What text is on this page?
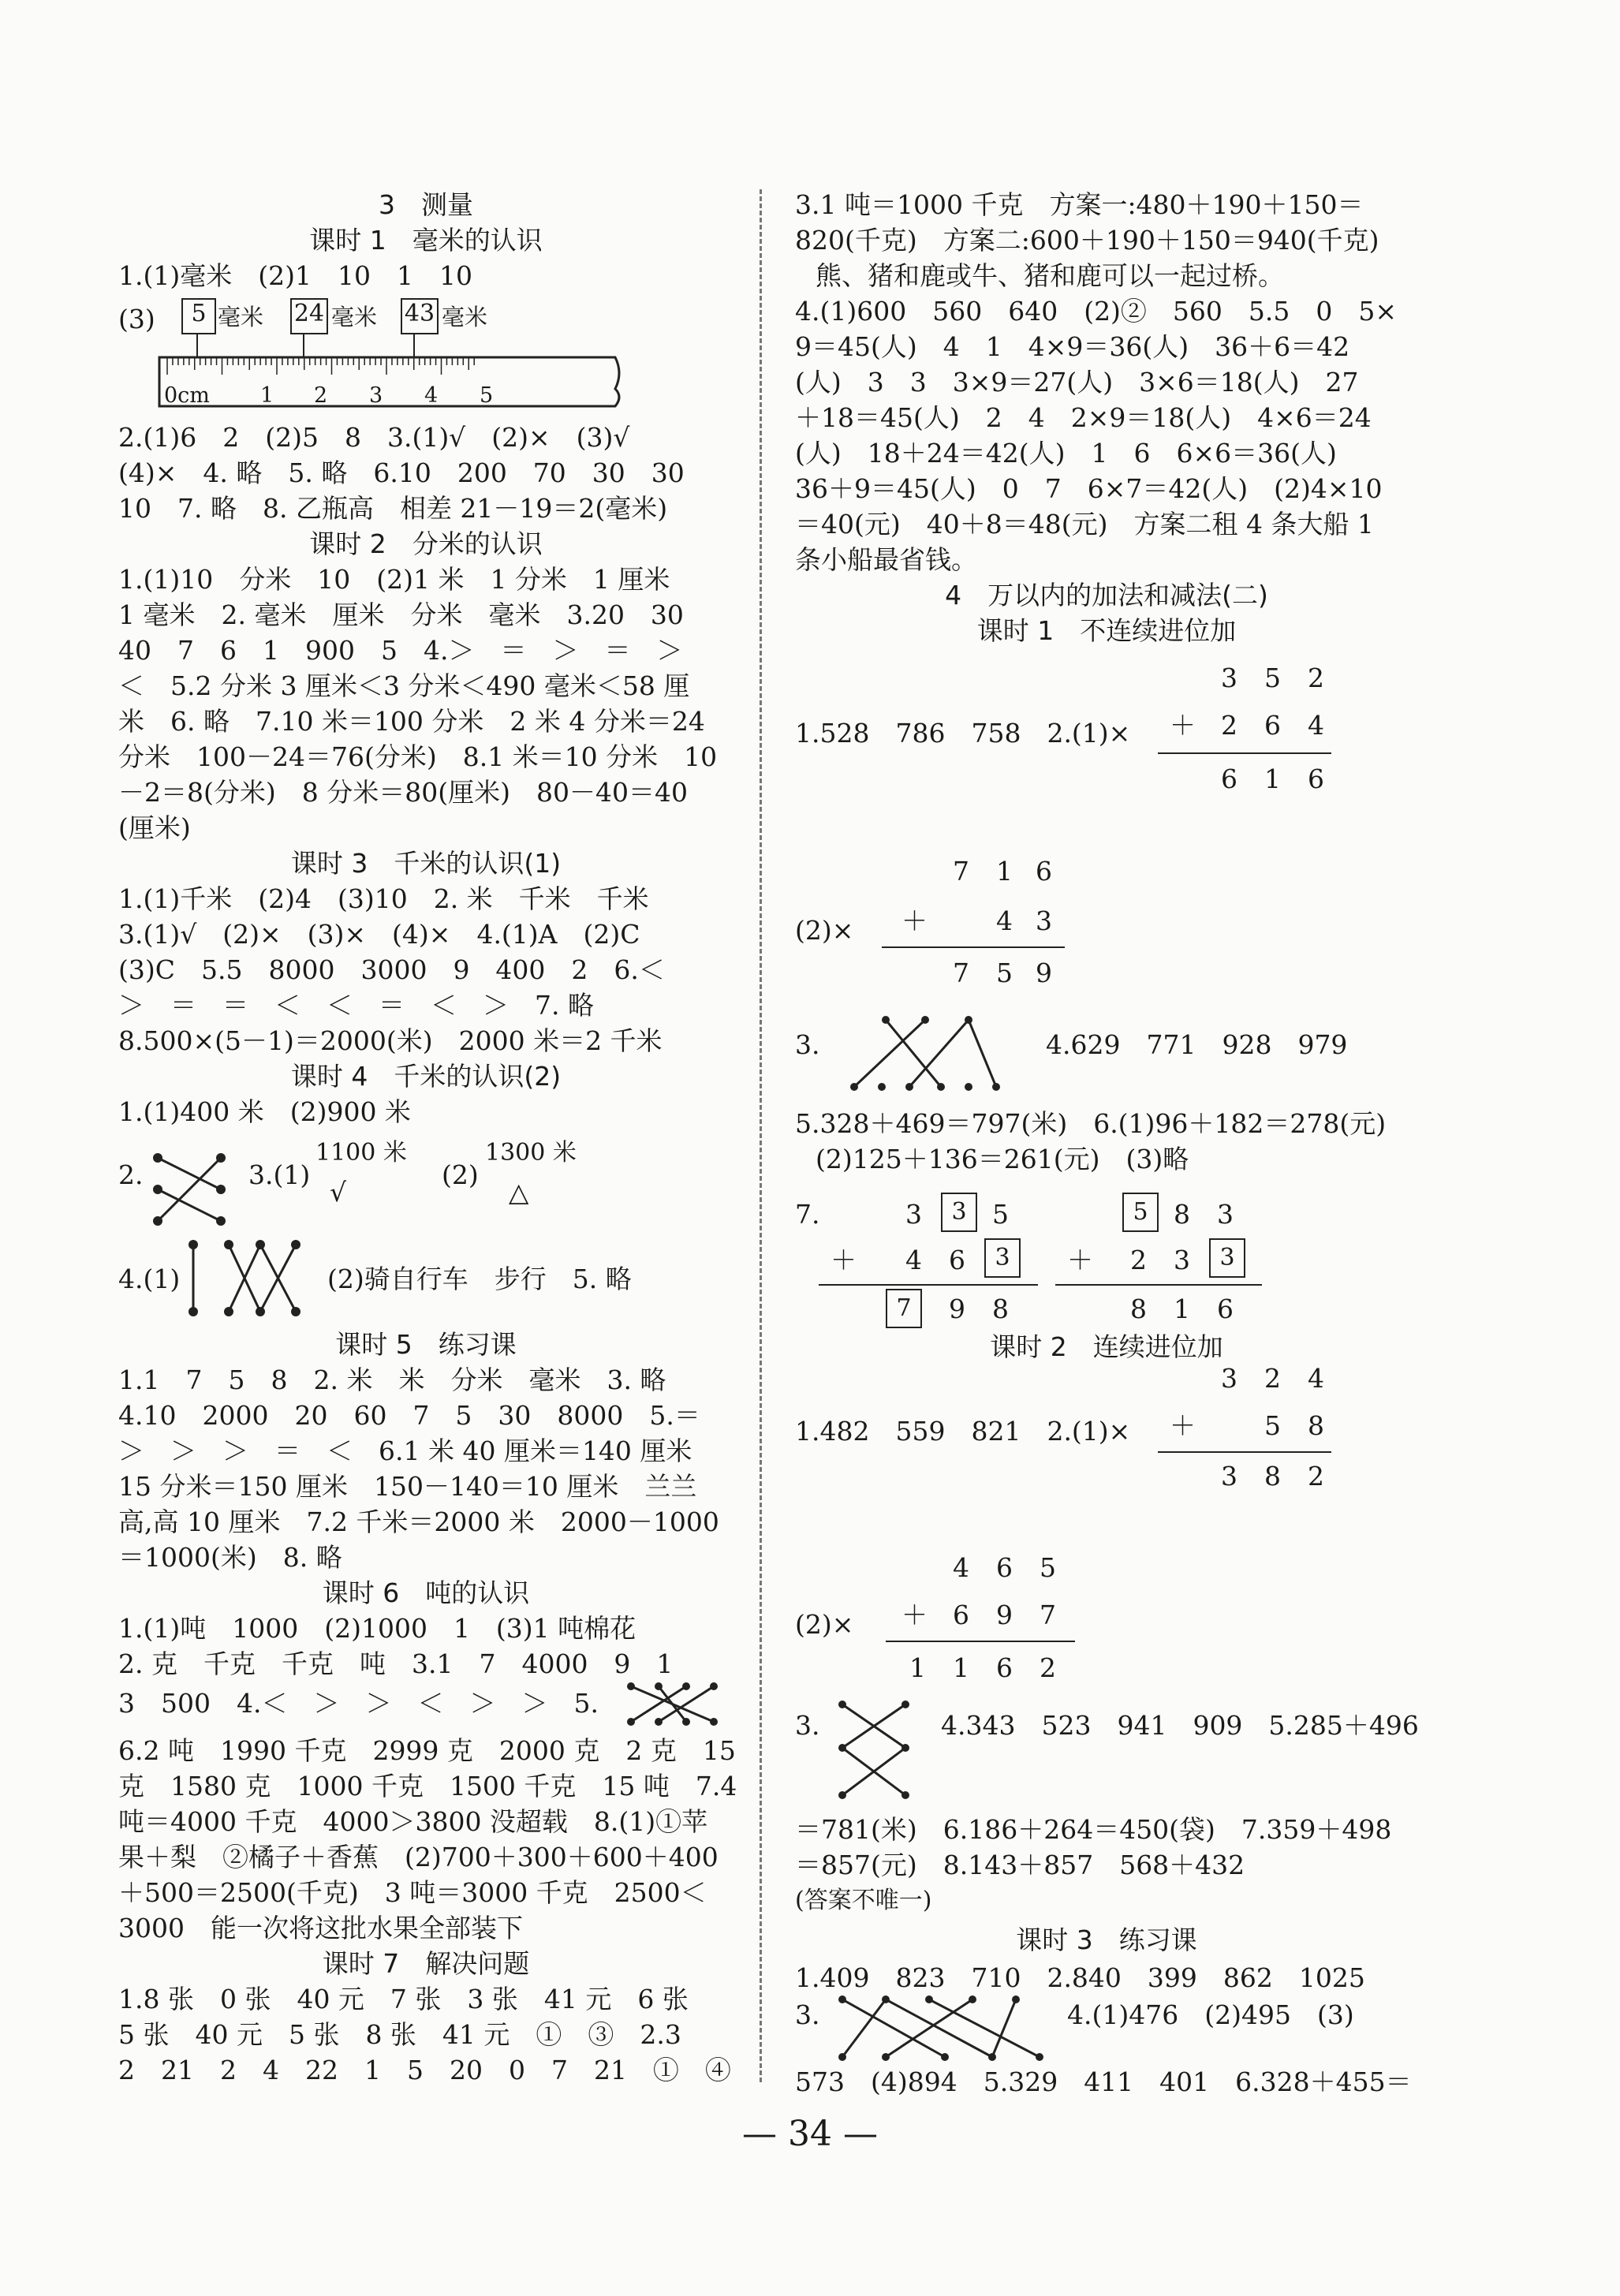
3　测量
课时 1　毫米的认识
1.(1)毫米　(2)1　10　1　10
(3)	5 毫米 24 毫米 43 毫米
0cm 1 2 3 4 5
2.(1)6　2　(2)5　8　3.(1)√　(2)×　(3)√
(4)×　4. 略　5. 略　6.10　200　70　30　30
10　7. 略　8. 乙瓶高　相差 21－19＝2(毫米)
课时 2　分米的认识
1.(1)10　分米　10　(2)1 米　1 分米　1 厘米
1 毫米　2. 毫米　厘米　分米　毫米　3.20　30
40　7　6　1　900　5　4.＞　＝　＞　＝　＞
＜　5.2 分米 3 厘米＜3 分米＜490 毫米＜58 厘
米　6. 略　7.10 米＝100 分米　2 米 4 分米＝24
分米　100－24＝76(分米)　8.1 米＝10 分米　10
－2＝8(分米)　8 分米＝80(厘米)　80－40＝40
(厘米)
课时 3　千米的认识(1)
1.(1)千米　(2)4　(3)10　2. 米　千米　千米
3.(1)√　(2)×　(3)×　(4)×　4.(1)A　(2)C
(3)C　5.5　8000　3000　9　400　2　6.＜
＞　＝　＝　＜　＜　＝　＜　＞　7. 略
8.500×(5－1)＝2000(米)　2000 米＝2 千米
课时 4　千米的认识(2)
1.(1)400 米　(2)900 米
2.	3.(1)
1100 米
√
(2)
1300 米
△
4.(1)	(2)骑自行车　步行　5. 略
课时 5　练习课
1.1　7　5　8　2. 米　米　分米　毫米　3. 略
4.10　2000　20　60　7　5　30　8000　5.＝
＞　＞　＞　＝　＜　6.1 米 40 厘米＝140 厘米
15 分米＝150 厘米　150－140＝10 厘米　兰兰
高,高 10 厘米　7.2 千米＝2000 米　2000－1000
＝1000(米)　8. 略
课时 6　吨的认识
1.(1)吨　1000　(2)1000　1　(3)1 吨棉花
2. 克　千克　千克　吨　3.1　7　4000　9　1
3　500　4.＜　＞　＞　＜　＞　＞　5.
6.2 吨　1990 千克　2999 克　2000 克　2 克　15
克　1580 克　1000 千克　1500 千克　15 吨　7.4
吨＝4000 千克　4000＞3800 没超载　8.(1)①苹
果＋梨　②橘子＋香蕉　(2)700＋300＋600＋400
＋500＝2500(千克)　3 吨＝3000 千克　2500＜
3000　能一次将这批水果全部装下
课时 7　解决问题
1.8 张　0 张　40 元　7 张　3 张　41 元　6 张
5 张　40 元　5 张　8 张　41 元　①　③　2.3
2　21　2　4　22　1　5　20　0　7　21　①　④
3.1 吨＝1000 千克　方案一:480＋190＋150＝
820(千克)　方案二:600＋190＋150＝940(千克)
熊、猪和鹿或牛、猪和鹿可以一起过桥。
4.(1)600　560　640　(2)②　560　5.5　0　5×
9＝45(人)　4　1　4×9＝36(人)　36＋6＝42
(人)　3　3　3×9＝27(人)　3×6＝18(人)　27
＋18＝45(人)　2　4　2×9＝18(人)　4×6＝24
(人)　18＋24＝42(人)　1　6　6×6＝36(人)
36＋9＝45(人)　0　7　6×7＝42(人)　(2)4×10
＝40(元)　40＋8＝48(元)　方案二租 4 条大船 1
条小船最省钱。
4　万以内的加法和减法(二)
课时 1　不连续进位加
1.528　786　758　2.(1)×
3 5 2
＋ 2 6 4
6 1 6
(2)×
7 1 6
＋	4 3
7 5 9
3.	4.629　771　928　979
5.328＋469＝797(米)　6.(1)96＋182＝278(元)
(2)125＋136＝261(元)　(3)略
7.	3	3 5
＋ 4 6	3
7	9 8
5 8 3
＋ 2 3	3
8 1 6
课时 2　连续进位加
1.482　559　821　2.(1)×
3 2 4
＋	5 8
3 8 2
(2)×
4 6 5
＋ 6 9 7
1 1 6 2
3.	4.343　523　941　909　5.285＋496
＝781(米)　6.186＋264＝450(袋)　7.359＋498
＝857(元)　8.143＋857　568＋432
(答案不唯一)
课时 3　练习课
1.409　823　710　2.840　399　862　1025
3.	4.(1)476　(2)495　(3)
573　(4)894　5.329　411　401　6.328＋455＝
— 34 —
